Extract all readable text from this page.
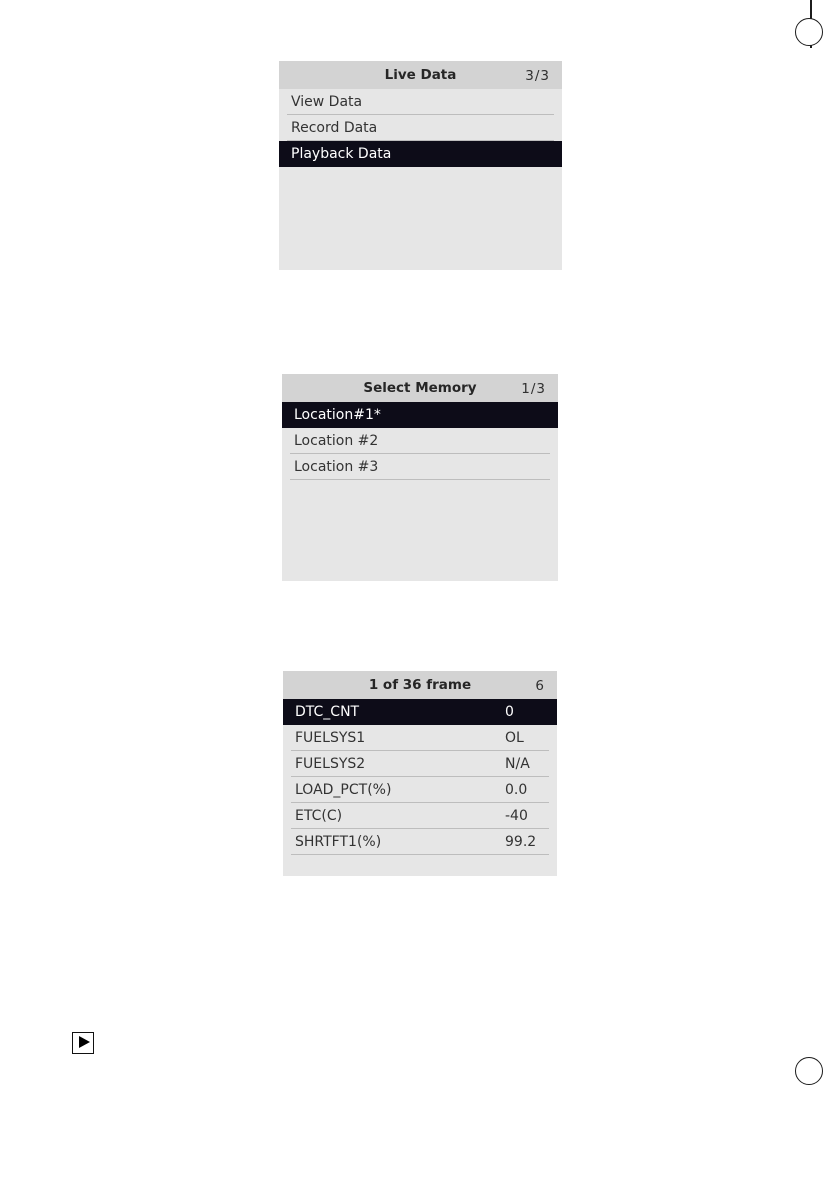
Live Data	3/3
View Data
Record Data
Playback Data
Select Memory	1/3
Location#1*
Location #2
Location #3
1 of 36 frame	6
DTC_CNT	0
FUELSYS1	OL
FUELSYS2	N/A
LOAD_PCT(%)	0.0
ETC(C)	-40
SHRTFT1(%)	99.2
